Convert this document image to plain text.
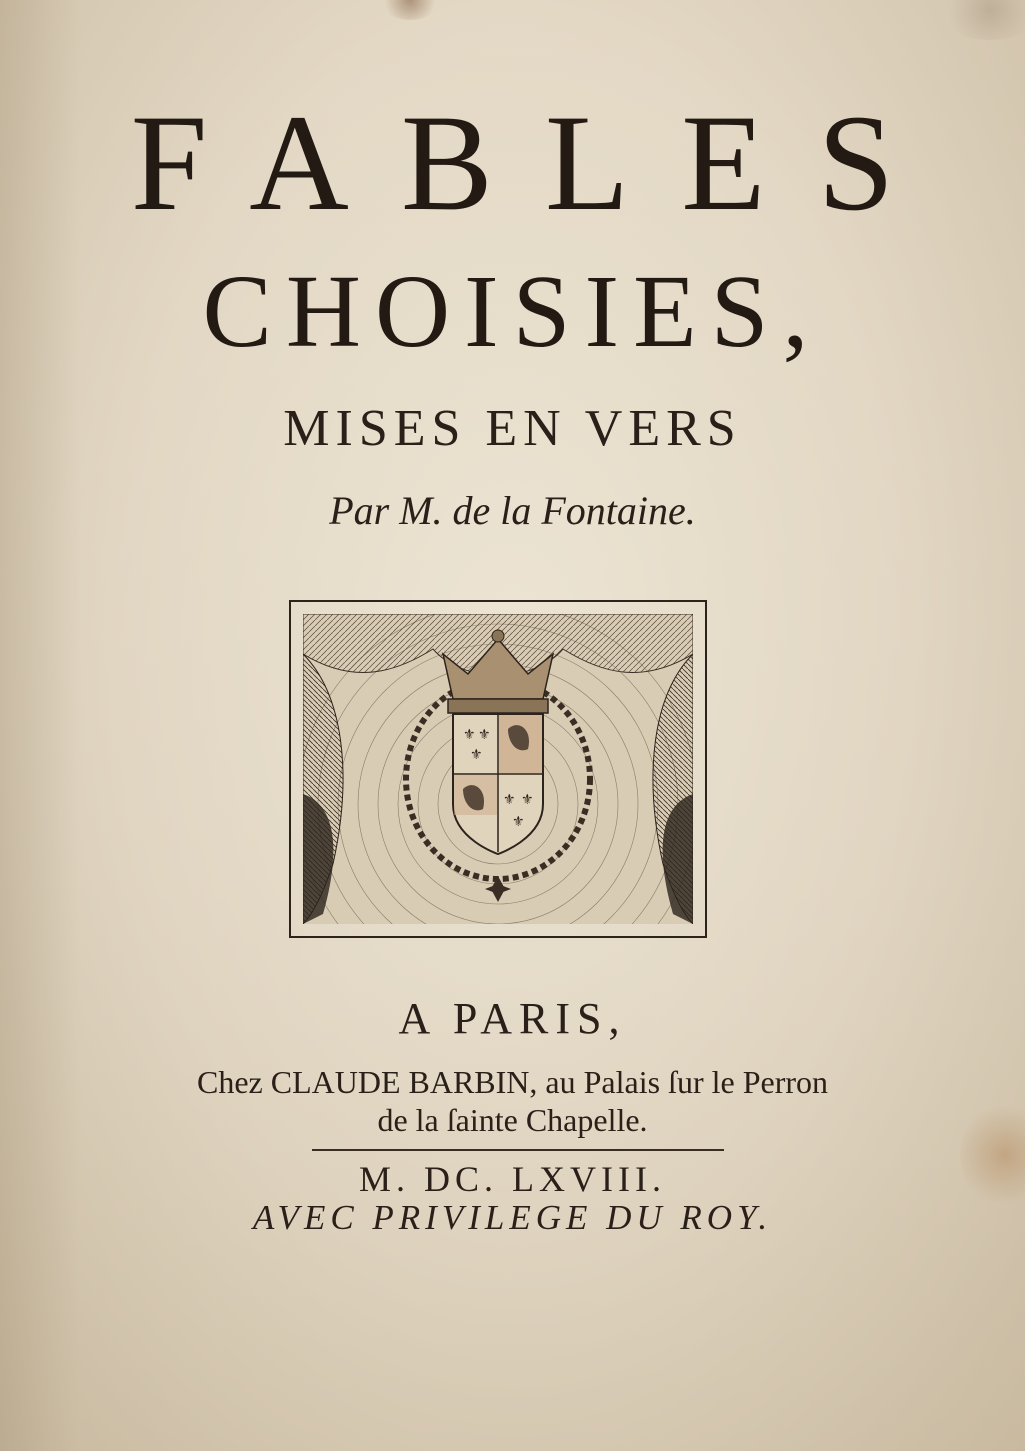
FABLES
CHOISIES,
MISES EN VERS
Par M. de la Fontaine.
⚜ ⚜
⚜
⚜ ⚜
⚜
A PARIS,
Chez CLAUDE BARBIN, au Palais ſur le Perron
de la ſainte Chapelle.
M. DC. LXVIII.
AVEC PRIVILEGE DU ROY.
